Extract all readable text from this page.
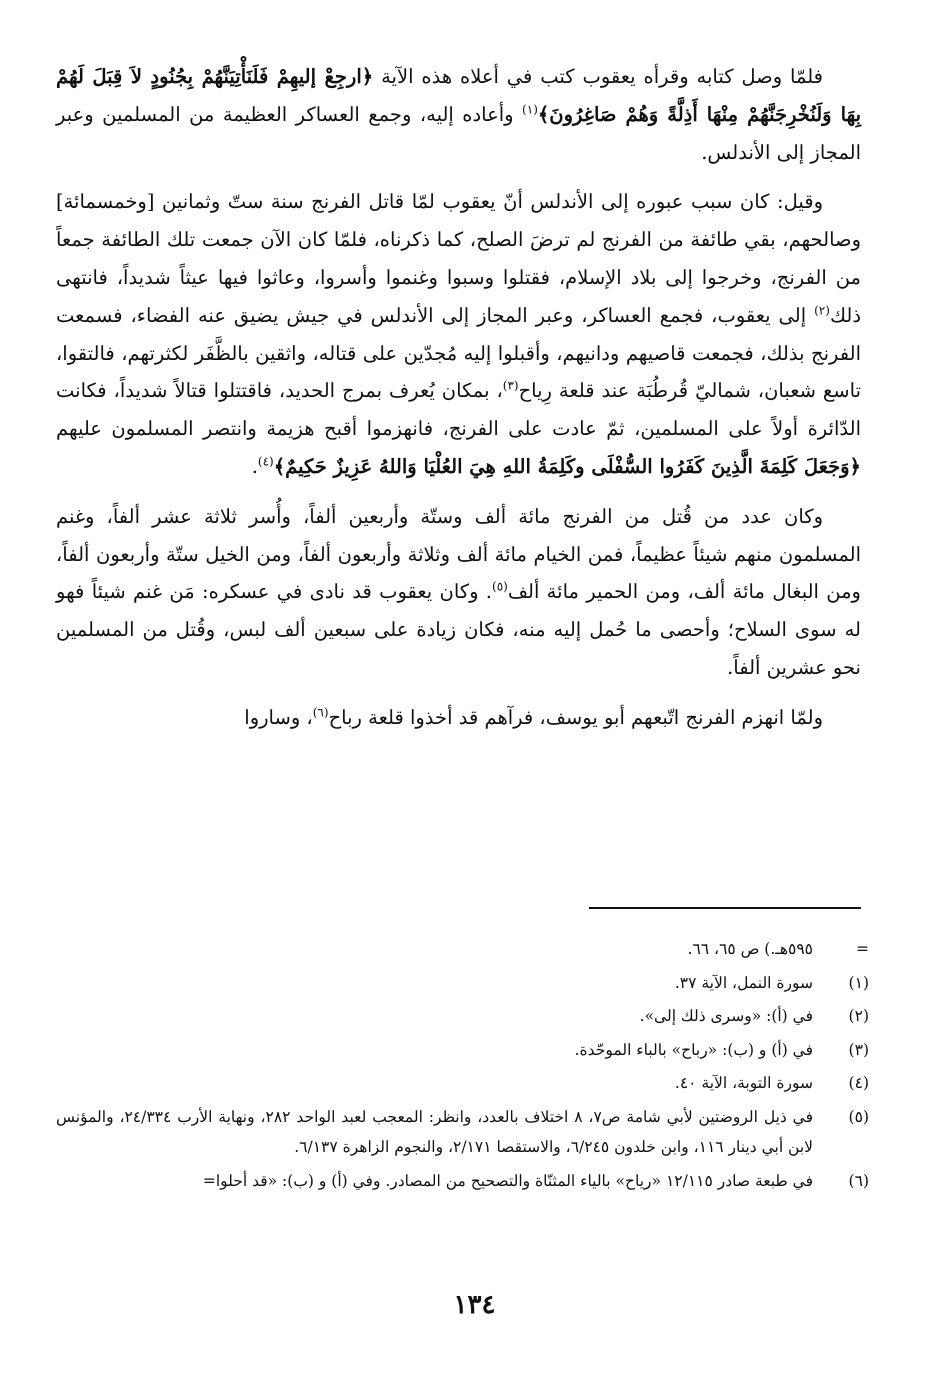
فلمّا وصل كتابه وقرأه يعقوب كتب في أعلاه هذه الآية ﴿ارجِعْ إليهِمْ فَلَنَأْتِيَنَّهُمْ بِجُنُودٍ لاَ قِبَلَ لَهُمْ بِهَا وَلَنُخْرِجَنَّهُمْ مِنْهَا أَذِلَّةً وَهُمْ صَاغِرُونَ﴾$^{(١)}$ وأعاده إليه، وجمع العساكر العظيمة من المسلمين وعبر المجاز إلى الأندلس.

وقيل: كان سبب عبوره إلى الأندلس أنّ يعقوب لمّا قاتل الفرنج سنة ستّ وثمانين [وخمسمائة] وصالحهم، بقي طائفة من الفرنج لم ترضَ الصلح، كما ذكرناه، فلمّا كان الآن جمعت تلك الطائفة جمعاً من الفرنج، وخرجوا إلى بلاد الإسلام، فقتلوا وسبوا وغنموا وأسروا، وعاثوا فيها عيثاً شديداً، فانتهى ذلك$^{(٢)}$ إلى يعقوب، فجمع العساكر، وعبر المجاز إلى الأندلس في جيش يضيق عنه الفضاء، فسمعت الفرنج بذلك، فجمعت قاصيهم ودانيهم، وأقبلوا إليه مُجدّين على قتاله، واثقين بالظَّفَر لكثرتهم، فالتقوا، تاسع شعبان، شماليّ قُرطُبَة عند قلعة رِياح$^{(٣)}$، بمكان يُعرف بمرج الحديد، فاقتتلوا قتالاً شديداً، فكانت الدّائرة أولاً على المسلمين، ثمّ عادت على الفرنج، فانهزموا أقبح هزيمة وانتصر المسلمون عليهم ﴿وَجَعَلَ كَلِمَةَ الَّذِينَ كَفَرُوا السُّفْلَى وكَلِمَةُ اللهِ هِيَ العُلْيَا وَاللهُ عَزِيزٌ حَكِيمٌ﴾$^{(٤)}$.

وكان عدد من قُتل من الفرنج مائة ألف وستّة وأربعين ألفاً، وأُسر ثلاثة عشر ألفاً، وغنم المسلمون منهم شيئاً عظيماً، فمن الخيام مائة ألف وثلاثة وأربعون ألفاً، ومن الخيل ستّة وأربعون ألفاً، ومن البغال مائة ألف، ومن الحمير مائة ألف$^{(٥)}$. وكان يعقوب قد نادى في عسكره: مَن غنم شيئاً فهو له سوى السلاح؛ وأحصى ما حُمل إليه منه، فكان زيادة على سبعين ألف لبس، وقُتل من المسلمين نحو عشرين ألفاً.

ولمّا انهزم الفرنج اتّبعهم أبو يوسف، فرآهم قد أخذوا قلعة رباح$^{(٦)}$، وساروا

=
٥٩٥هـ.) ص ٦٥، ٦٦.
(١)
سورة النمل، الآية ٣٧.
(٢)
في (أ): «وسرى ذلك إلى».
(٣)
في (أ) و (ب): «رباح» بالباء الموحّدة.
(٤)
سورة التوبة، الآية ٤٠.
(٥)
في ذيل الروضتين لأبي شامة ص٧، ٨ اختلاف بالعدد، وانظر: المعجب لعبد الواحد ٢٨٢، ونهاية الأرب ٢٤/٣٣٤، والمؤنس لابن أبي دينار ١١٦، وابن خلدون ٦/٢٤٥، والاستقصا ٢/١٧١، والنجوم الزاهرة ٦/١٣٧.
(٦)
في طبعة صادر ١٢/١١٥ «رياح» بالياء المثنّاة والتصحيح من المصادر. وفي (أ) و (ب): «قد أحلوا=
١٣٤
